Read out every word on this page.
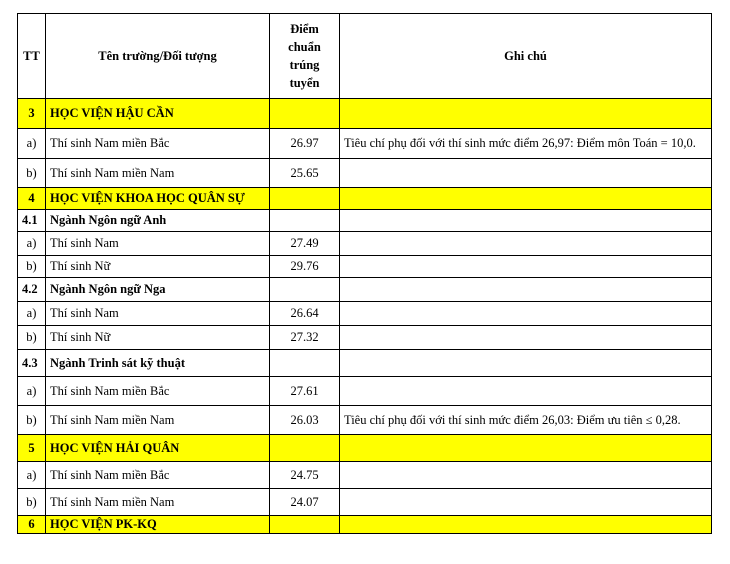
TT	Tên trường/Đối tượng	Điểm chuẩn trúng tuyển	Ghi chú
3	HỌC VIỆN HẬU CẦN		
a)	Thí sinh Nam miền Bắc	26.97	Tiêu chí phụ đối với thí sinh mức điểm 26,97: Điểm môn Toán = 10,0.
b)	Thí sinh Nam miền Nam	25.65	
4	HỌC VIỆN KHOA HỌC QUÂN SỰ		
4.1	Ngành Ngôn ngữ Anh		
a)	Thí sinh Nam	27.49	
b)	Thí sinh Nữ	29.76	
4.2	Ngành Ngôn ngữ Nga		
a)	Thí sinh Nam	26.64	
b)	Thí sinh Nữ	27.32	
4.3	Ngành Trinh sát kỹ thuật		
a)	Thí sinh Nam miền Bắc	27.61	
b)	Thí sinh Nam miền Nam	26.03	Tiêu chí phụ đối với thí sinh mức điểm 26,03: Điểm ưu tiên ≤ 0,28.
5	HỌC VIỆN HẢI QUÂN		
a)	Thí sinh Nam miền Bắc	24.75	
b)	Thí sinh Nam miền Nam	24.07	
6	HỌC VIỆN PK-KQ		
